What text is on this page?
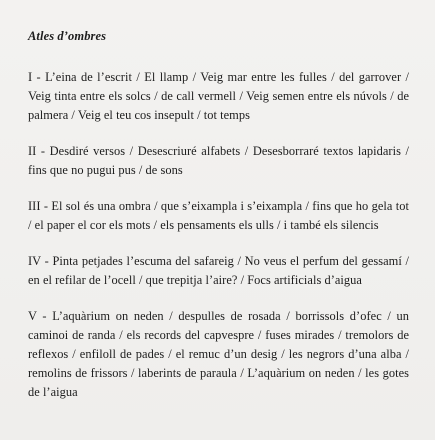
Atles d’ombres

I - L’eina de l’escrit / El llamp / Veig mar entre les fulles / del garrover / Veig tinta entre els solcs / de call vermell / Veig semen entre els núvols / de palmera / Veig el teu cos insepult / tot temps

II - Desdiré versos / Desescriuré alfabets / Desesborraré textos lapidaris / fins que no pugui pus / de sons

III - El sol és una ombra / que s’eixampla i s’eixampla / fins que ho gela tot / el paper el cor els mots / els pensaments els ulls / i també els silencis

IV - Pinta petjades l’escuma del safareig / No veus el perfum del gessamí / en el refilar de l’ocell / que trepitja l’aire? / Focs artificials d’aigua

V - L’aquàrium on neden / despulles de rosada / borrissols d’ofec / un caminoi de randa / els records del capvespre / fuses mirades / tremolors de reflexos / enfiloll de pades / el remuc d’un desig / les negrors d’una alba / remolins de frissors / laberints de paraula / L’aquàrium on neden / les gotes de l’aigua
